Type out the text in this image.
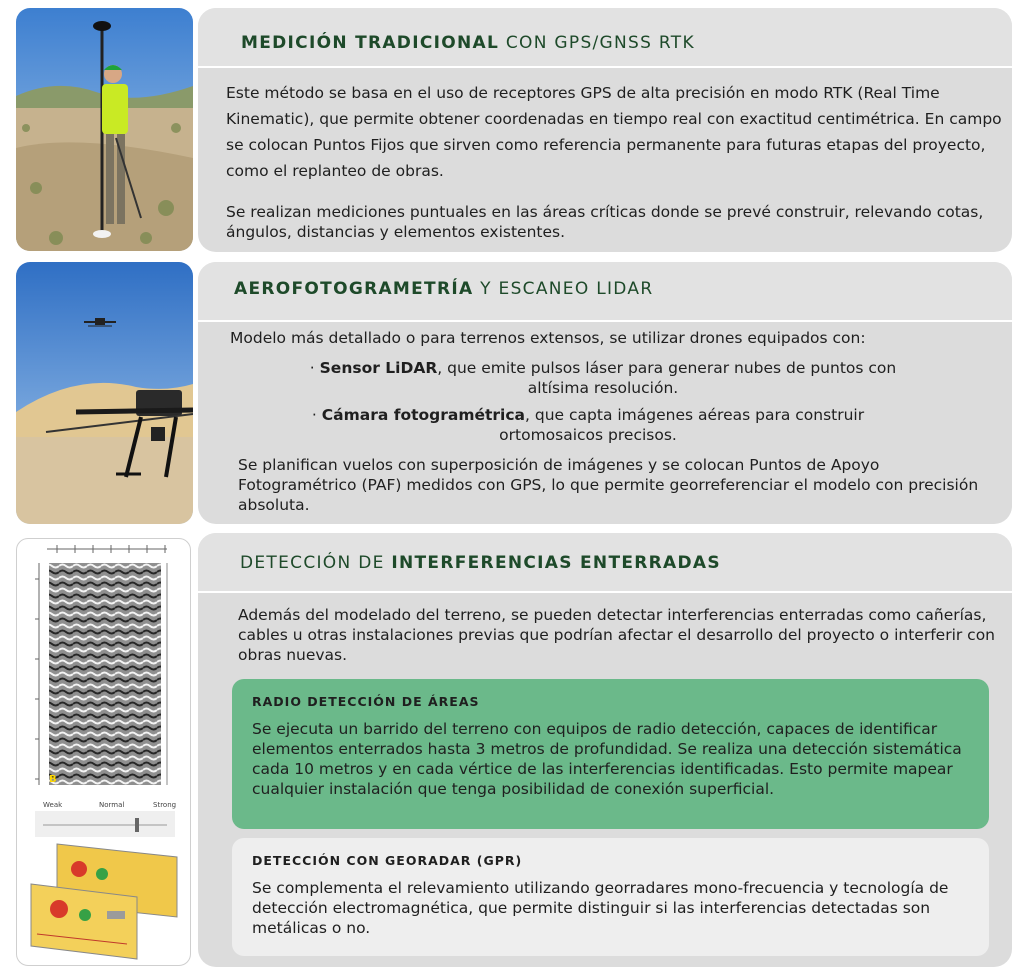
MEDICIÓN TRADICIONAL CON GPS/GNSS RTK
Este método se basa en el uso de receptores GPS de alta precisión en modo RTK (Real Time Kinematic), que permite obtener coordenadas en tiempo real con exactitud centimétrica. En campo se colocan Puntos Fijos que sirven como referencia permanente para futuras etapas del proyecto, como el replanteo de obras.
Se realizan mediciones puntuales en las áreas críticas donde se prevé construir, relevando cotas, ángulos, distancias y elementos existentes.
AEROFOTOGRAMETRÍA Y ESCANEO LIDAR
Modelo más detallado o para terrenos extensos, se utilizar drones equipados con:
· Sensor LiDAR, que emite pulsos láser para generar nubes de puntos con altísima resolución.
· Cámara fotogramétrica, que capta imágenes aéreas para construir ortomosaicos precisos.
Se planifican vuelos con superposición de imágenes y se colocan Puntos de Apoyo Fotogramétrico (PAF) medidos con GPS, lo que permite georreferenciar el modelo con precisión absoluta.
B
Weak	Normal	Strong
DETECCIÓN DE INTERFERENCIAS ENTERRADAS
Además del modelado del terreno, se pueden detectar interferencias enterradas como cañerías, cables u otras instalaciones previas que podrían afectar el desarrollo del proyecto o interferir con obras nuevas.
RADIO DETECCIÓN DE ÁREAS
Se ejecuta un barrido del terreno con equipos de radio detección, capaces de identificar elementos enterrados hasta 3 metros de profundidad. Se realiza una detección sistemática cada 10 metros y en cada vértice de las interferencias identificadas. Esto permite mapear cualquier instalación que tenga posibilidad de conexión superficial.
DETECCIÓN CON GEORADAR (GPR)
Se complementa el relevamiento utilizando georradares mono-frecuencia y tecnología de detección electromagnética, que permite distinguir si las interferencias detectadas son metálicas o no.
